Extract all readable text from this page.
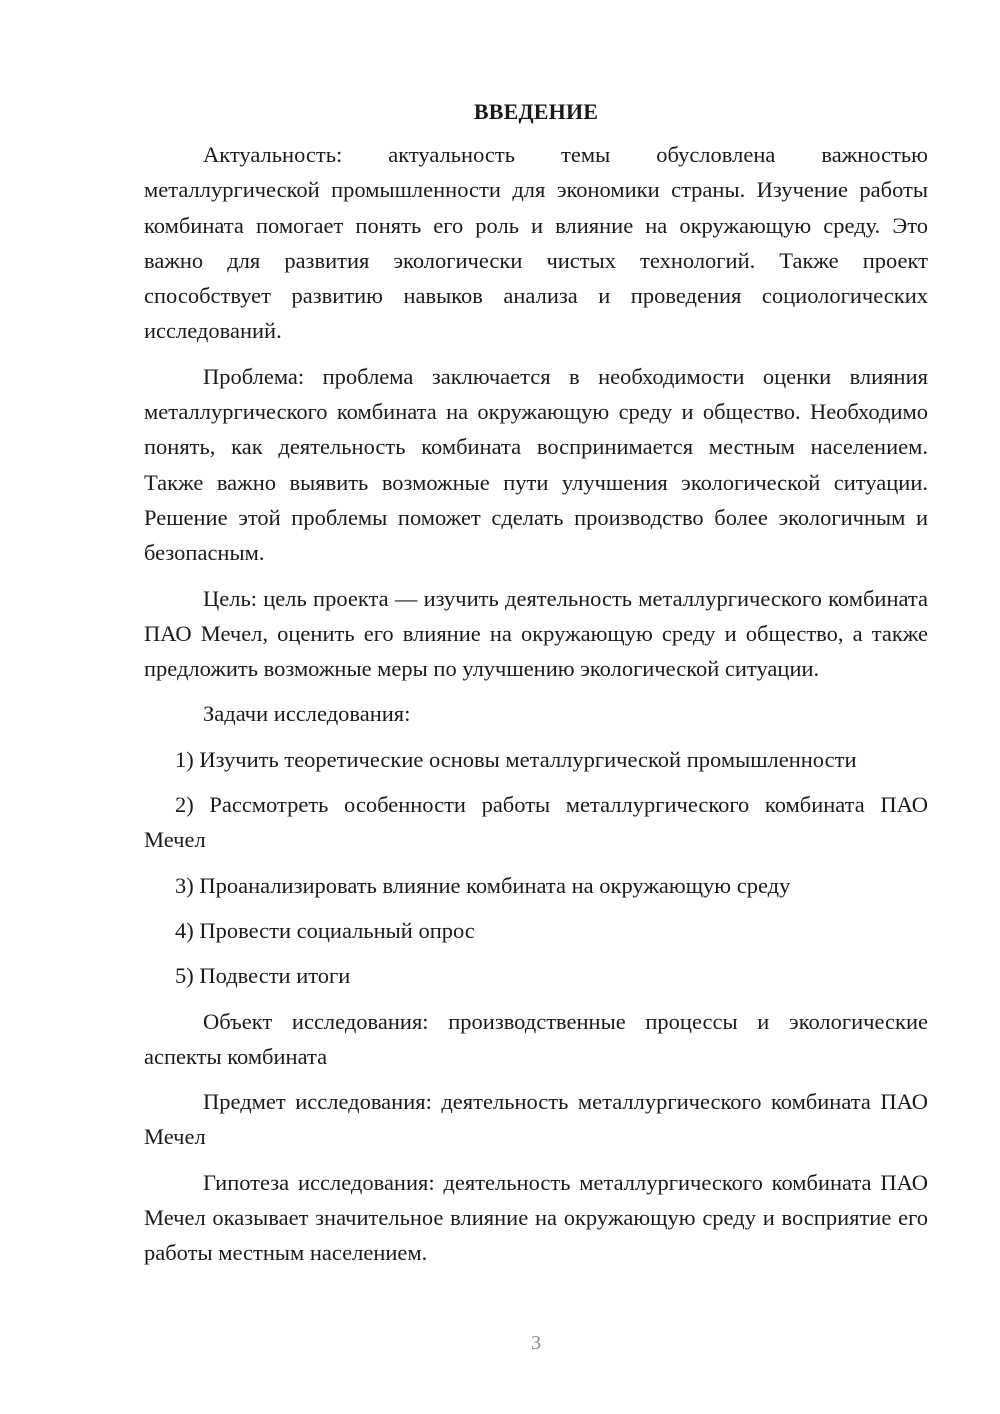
ВВЕДЕНИЕ

Актуальность: актуальность темы обусловлена важностью металлургической промышленности для экономики страны. Изучение работы комбината помогает понять его роль и влияние на окружающую среду. Это важно для развития экологически чистых технологий. Также проект способствует развитию навыков анализа и проведения социологических исследований.

Проблема: проблема заключается в необходимости оценки влияния металлургического комбината на окружающую среду и общество. Необходимо понять, как деятельность комбината воспринимается местным населением. Также важно выявить возможные пути улучшения экологической ситуации. Решение этой проблемы поможет сделать производство более экологичным и безопасным.

Цель: цель проекта — изучить деятельность металлургического комбината ПАО Мечел, оценить его влияние на окружающую среду и общество, а также предложить возможные меры по улучшению экологической ситуации.

Задачи исследования:

1) Изучить теоретические основы металлургической промышленности

2) Рассмотреть особенности работы металлургического комбината ПАО Мечел

3) Проанализировать влияние комбината на окружающую среду

4) Провести социальный опрос

5) Подвести итоги

Объект исследования: производственные процессы и экологические аспекты комбината

Предмет исследования: деятельность металлургического комбината ПАО Мечел

Гипотеза исследования: деятельность металлургического комбината ПАО Мечел оказывает значительное влияние на окружающую среду и восприятие его работы местным населением.

3
